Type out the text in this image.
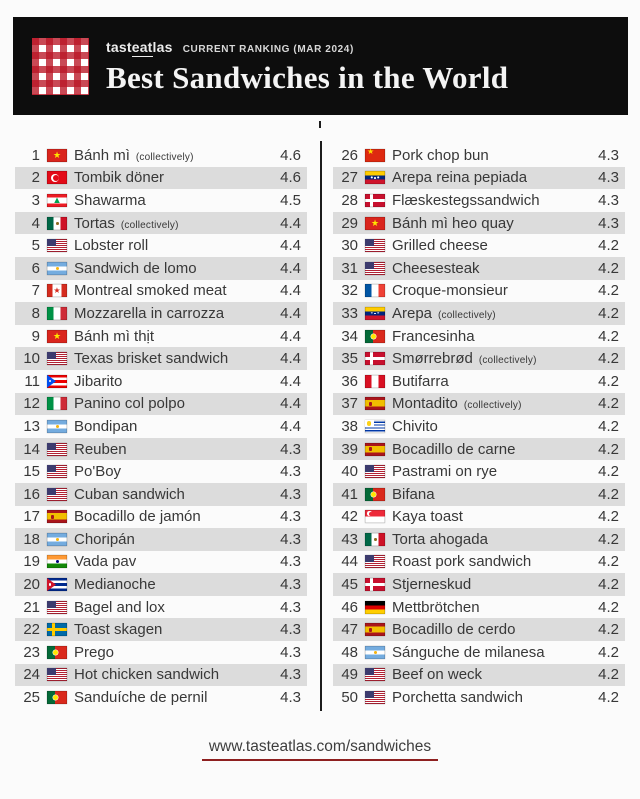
tasteatlas CURRENT RANKING (MAR 2024)
Best Sandwiches in the World
1 ★ Bánh mì (collectively)	4.6
2 Tombik döner	4.6
3 Shawarma	4.5
4 Tortas (collectively)	4.4
5 Lobster roll	4.4
6 Sandwich de lomo	4.4
7 ★ Montreal smoked meat	4.4
8 Mozzarella in carrozza	4.4
9 ★ Bánh mì thịt	4.4
10 Texas brisket sandwich	4.4
11 Jibarito	4.4
12 Panino col polpo	4.4
13 Bondipan	4.4
14 Reuben	4.3
15 Po'Boy	4.3
16 Cuban sandwich	4.3
17 Bocadillo de jamón	4.3
18 Choripán	4.3
19 Vada pav	4.3
20 Medianoche	4.3
21 Bagel and lox	4.3
22 Toast skagen	4.3
23 Prego	4.3
24 Hot chicken sandwich	4.3
25 Sanduíche de pernil	4.3
26 ★ Pork chop bun	4.3
27 Arepa reina pepiada	4.3
28 Flæskestegssandwich	4.3
29 ★ Bánh mì heo quay	4.3
30 Grilled cheese	4.2
31 Cheesesteak	4.2
32 Croque-monsieur	4.2
33 Arepa (collectively)	4.2
34 Francesinha	4.2
35 Smørrebrød (collectively)	4.2
36 Butifarra	4.2
37 Montadito (collectively)	4.2
38 Chivito	4.2
39 Bocadillo de carne	4.2
40 Pastrami on rye	4.2
41 Bifana	4.2
42 Kaya toast	4.2
43 Torta ahogada	4.2
44 Roast pork sandwich	4.2
45 Stjerneskud	4.2
46 Mettbrötchen	4.2
47 Bocadillo de cerdo	4.2
48 Sánguche de milanesa	4.2
49 Beef on weck	4.2
50 Porchetta sandwich	4.2
www.tasteatlas.com/sandwiches
